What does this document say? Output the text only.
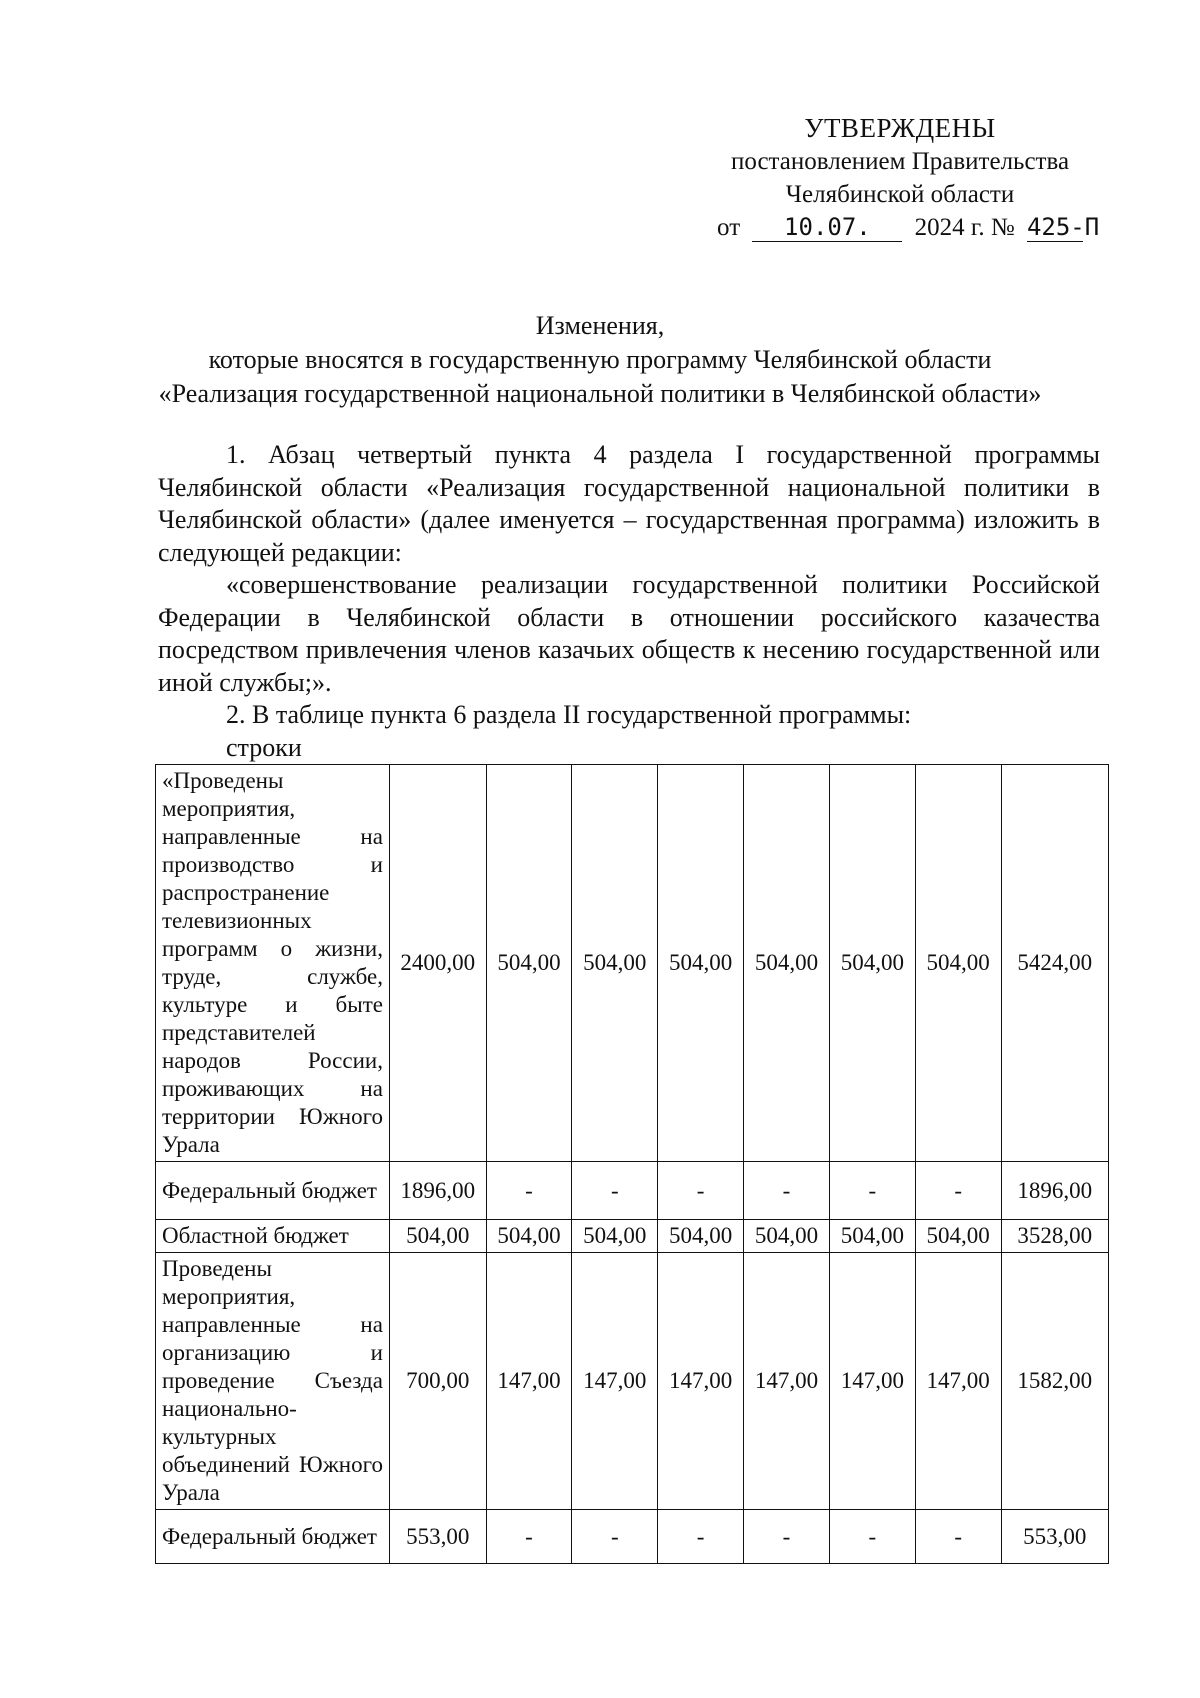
УТВЕРЖДЕНЫ
постановлением Правительства
Челябинской области
от 10.07. 2024 г. № 425-П
Изменения,
которые вносятся в государственную программу Челябинской области
«Реализация государственной национальной политики в Челябинской области»

1. Абзац четвертый пункта 4 раздела I государственной программы Челябинской области «Реализация государственной национальной политики в Челябинской области» (далее именуется – государственная программа) изложить в следующей редакции:

«совершенствование реализации государственной политики Российской Федерации в Челябинской области в отношении российского казачества посредством привлечения членов казачьих обществ к несению государственной или иной службы;».

2. В таблице пункта 6 раздела II государственной программы:

строки

«Проведены мероприятия, направленные на производство и распространение телевизионных программ о жизни, труде, службе, культуре и быте представителей народов России, проживающих на территории Южного Урала	2400,00	504,00	504,00	504,00	504,00	504,00	504,00	5424,00
Федеральный бюджет	1896,00	-	-	-	-	-	-	1896,00
Областной бюджет	504,00	504,00	504,00	504,00	504,00	504,00	504,00	3528,00
Проведены мероприятия, направленные на организацию и проведение Съезда национально-культурных объединений Южного Урала	700,00	147,00	147,00	147,00	147,00	147,00	147,00	1582,00
Федеральный бюджет	553,00	-	-	-	-	-	-	553,00
